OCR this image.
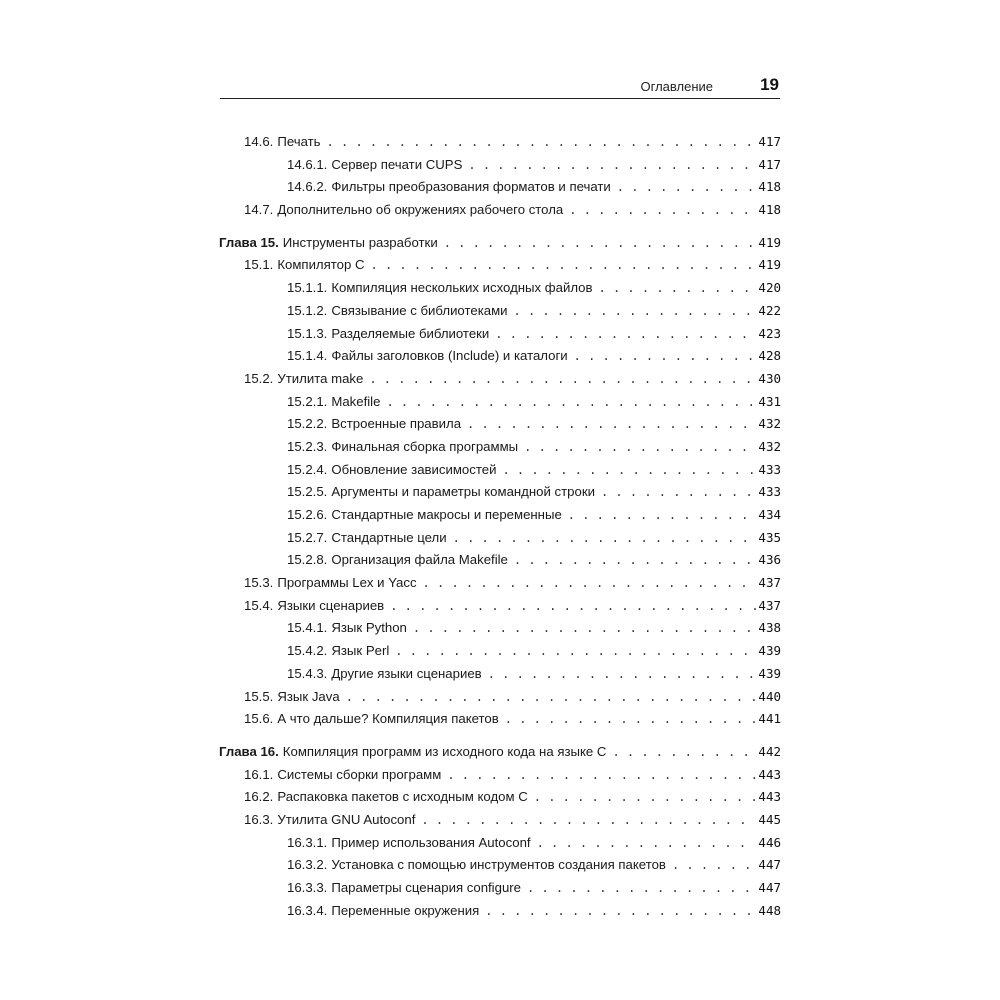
Оглавление	19
14.6. Печать . . .	417
14.6.1. Сервер печати CUPS . . .	417
14.6.2. Фильтры преобразования форматов и печати . . .	418
14.7. Дополнительно об окружениях рабочего стола . . .	418
Глава 15. Инструменты разработки . . .	419
15.1. Компилятор C . . .	419
15.1.1. Компиляция нескольких исходных файлов . . .	420
15.1.2. Связывание с библиотеками . . .	422
15.1.3. Разделяемые библиотеки . . .	423
15.1.4. Файлы заголовков (Include) и каталоги . . .	428
15.2. Утилита make . . .	430
15.2.1. Makefile . . .	431
15.2.2. Встроенные правила . . .	432
15.2.3. Финальная сборка программы . . .	432
15.2.4. Обновление зависимостей . . .	433
15.2.5. Аргументы и параметры командной строки . . .	433
15.2.6. Стандартные макросы и переменные . . .	434
15.2.7. Стандартные цели . . .	435
15.2.8. Организация файла Makefile . . .	436
15.3. Программы Lex и Yacc . . .	437
15.4. Языки сценариев . . .	437
15.4.1. Язык Python . . .	438
15.4.2. Язык Perl . . .	439
15.4.3. Другие языки сценариев . . .	439
15.5. Язык Java . . .	440
15.6. А что дальше? Компиляция пакетов . . .	441
Глава 16. Компиляция программ из исходного кода на языке C . . .	442
16.1. Системы сборки программ . . .	443
16.2. Распаковка пакетов с исходным кодом C . . .	443
16.3. Утилита GNU Autoconf . . .	445
16.3.1. Пример использования Autoconf . . .	446
16.3.2. Установка с помощью инструментов создания пакетов . . .	447
16.3.3. Параметры сценария configure . . .	447
16.3.4. Переменные окружения . . .	448
